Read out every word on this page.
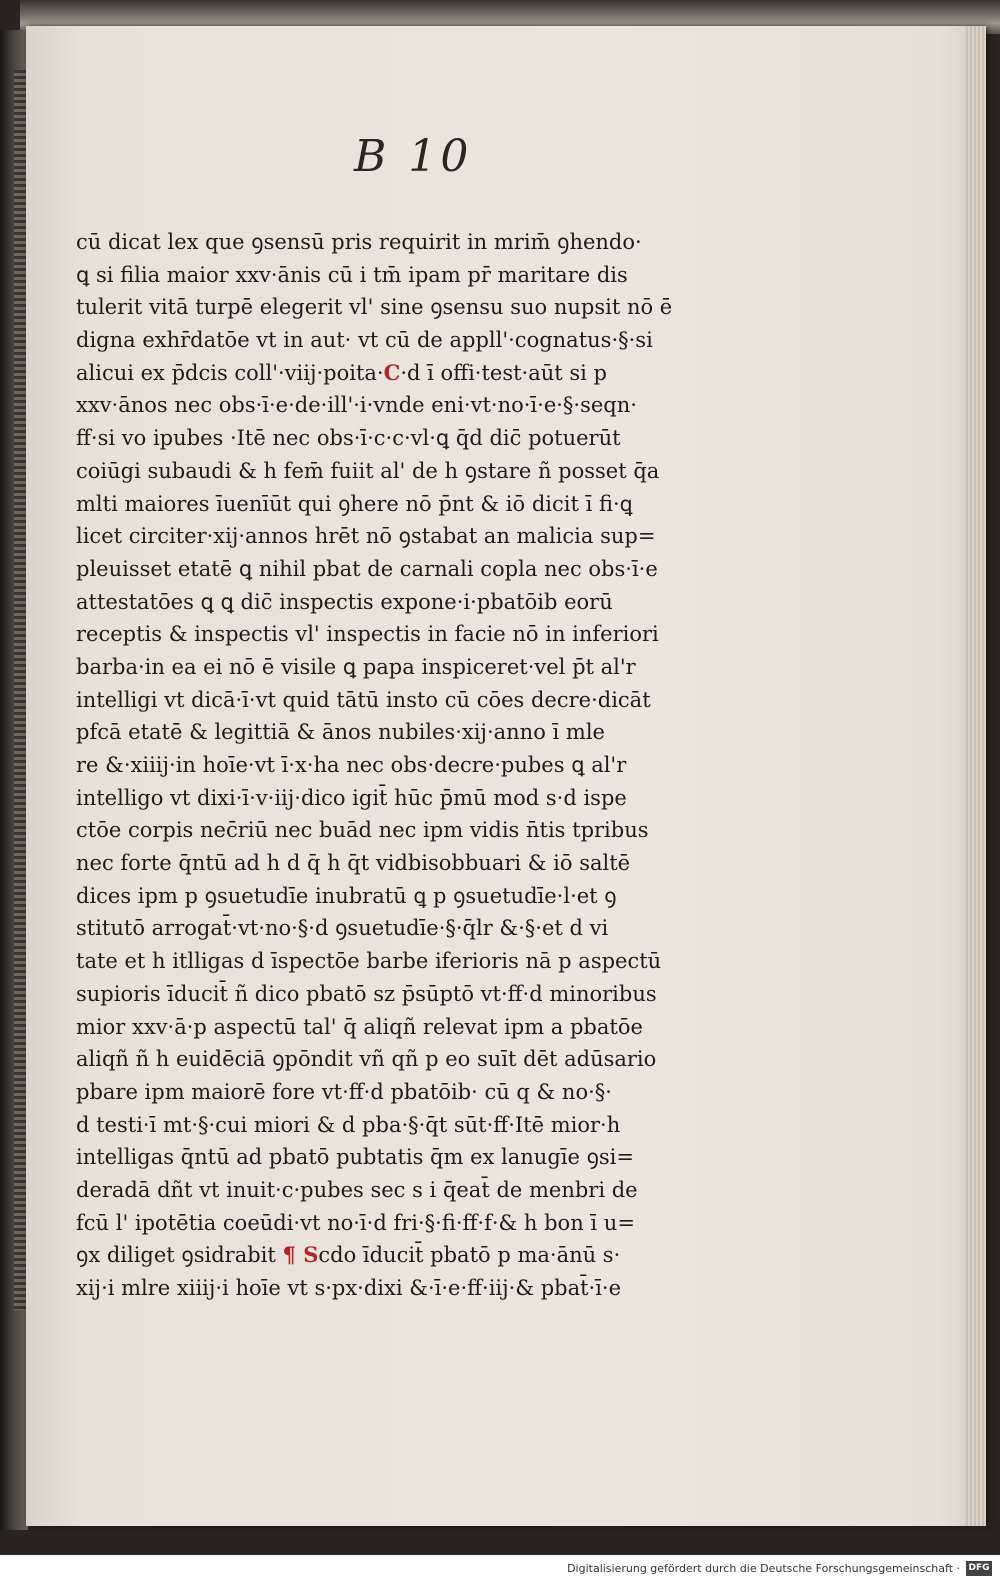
B 10
cū dicat lex que ꝯsensū pris requirit in mrim̄ ꝯhendo·
ꝗ si filia maior xxv·ānis cū i tm̄ ipam pr̄ maritare dis
tulerit vitā turpē elegerit vl' sine ꝯsensu suo nupsit nō ē
digna exhr̄datōe vt in aut· vt cū de appll'·cognatus·§·si
alicui ex p̄dcis coll'·viij·poita·C·d ī offi·test·aūt si p
xxv·ānos nec obs·ī·e·de·ill'·i·vnde eni·vt·no·ī·e·§·seqn·
ff·si vo ipubes ·Itē nec obs·ī·c·c·vl·ꝗ q̄d dic̄ potuerūt
coiūgi subaudi & h fem̄ fuiit al' de h ꝯstare ñ posset q̄a
mlti maiores īuenīūt qui ꝯhere nō p̄nt & iō dicit ī fi·ꝗ
licet circiter·xij·annos hrēt nō ꝯstabat an malicia sup=
pleuisset etatē ꝗ nihil pbat de carnali copla nec obs·ī·e
attestatōes ꝗ ꝗ dic̄ inspectis expone·i·pbatōib eorū
receptis & inspectis vl' inspectis in facie nō in inferiori
barba·in ea ei nō ē visile ꝗ papa inspiceret·vel p̄t al'r
intelligi vt dicā·ī·vt quid tātū insto cū cōes decre·dicāt
pfcā etatē & legittiā & ānos nubiles·xij·anno ī mle
re &·xiiij·in hoīe·vt ī·x·ha nec obs·decre·pubes ꝗ al'r
intelligo vt dixi·ī·v·iij·dico igit̄ hūc p̄mū mod s·d ispe
ctōe corpis nec̄riū nec buād nec ipm vidis n̄tis tpribus
nec forte q̄ntū ad h d q̄ h q̄t vidbisobbuari & iō saltē
dices ipm p ꝯsuetudīe inubratū ꝗ p ꝯsuetudīe·l·et ꝯ
stitutō arrogat̄·vt·no·§·d ꝯsuetudīe·§·q̄lr &·§·et d vi
tate et h itlligas d īspectōe barbe iferioris nā p aspectū
supioris īducit̄ ñ dico pbatō sz p̄sūptō vt·ff·d minoribus
mior xxv·ā·p aspectū tal' q̄ aliqñ relevat ipm a pbatōe
aliqñ ñ h euidēciā ꝯpōndit vñ qñ p eo suīt dēt adūsario
pbare ipm maiorē fore vt·ff·d pbatōib· cū q & no·§·
d testi·ī mt·§·cui miori & d pba·§·q̄t sūt·ff·Itē mior·h
intelligas q̄ntū ad pbatō pubtatis q̄m ex lanugīe ꝯsi=
deradā dñt vt inuit·c·pubes sec s i q̄eat̄ de menbri de
fcū l' ipotētia coeūdi·vt no·ī·d fri·§·fi·ff·f·& h bon ī u=
ꝯx diliget ꝯsidrabit ¶ Scdo īducit̄ pbatō p ma·ānū s·
xij·i mlre xiiij·i hoīe vt s·px·dixi &·ī·e·ff·iij·& pbat̄·ī·e
Digitalisierung gefördert durch die Deutsche Forschungsgemeinschaft · DFG
